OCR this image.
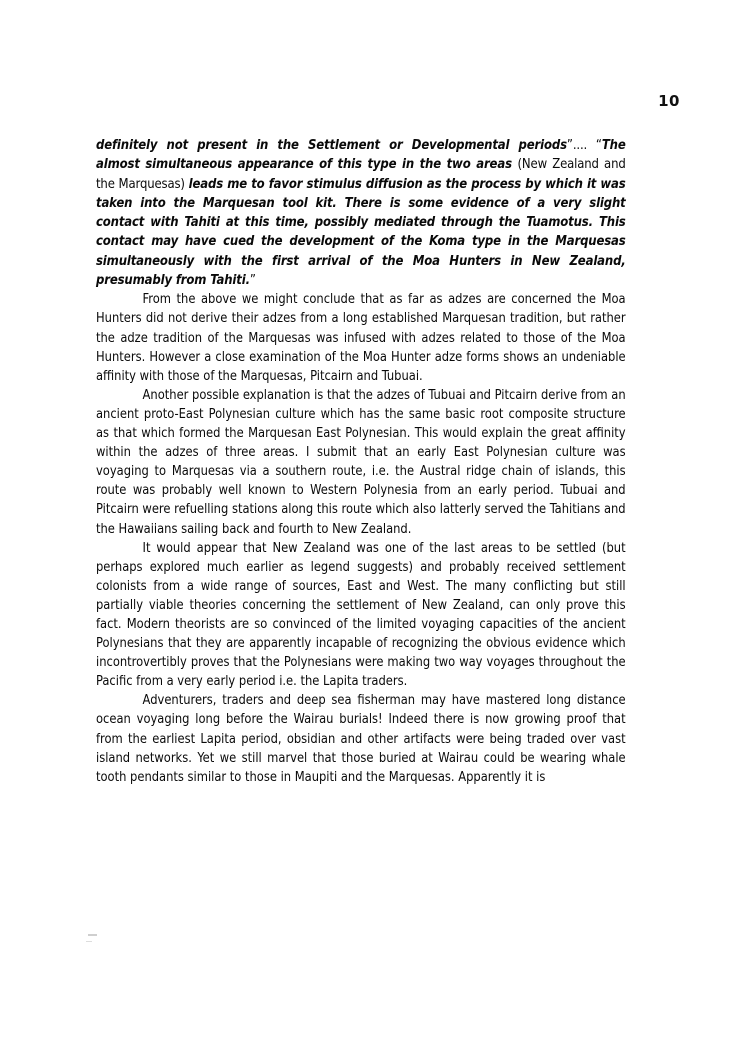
10

definitely not present in the Settlement or Developmental periods”.... “The almost simultaneous appearance of this type in the two areas (New Zealand and the Marquesas) leads me to favor stimulus diffusion as the process by which it was taken into the Marquesan tool kit. There is some evidence of a very slight contact with Tahiti at this time, possibly mediated through the Tuamotus. This contact may have cued the development of the Koma type in the Marquesas simultaneously with the first arrival of the Moa Hunters in New Zealand, presumably from Tahiti.”

From the above we might conclude that as far as adzes are concerned the Moa Hunters did not derive their adzes from a long established Marquesan tradition, but rather the adze tradition of the Marquesas was infused with adzes related to those of the Moa Hunters. However a close examination of the Moa Hunter adze forms shows an undeniable affinity with those of the Marquesas, Pitcairn and Tubuai.

Another possible explanation is that the adzes of Tubuai and Pitcairn derive from an ancient proto-East Polynesian culture which has the same basic root composite structure as that which formed the Marquesan East Polynesian. This would explain the great affinity within the adzes of three areas. I submit that an early East Polynesian culture was voyaging to Marquesas via a southern route, i.e. the Austral ridge chain of islands, this route was probably well known to Western Polynesia from an early period. Tubuai and Pitcairn were refuelling stations along this route which also latterly served the Tahitians and the Hawaiians sailing back and fourth to New Zealand.

It would appear that New Zealand was one of the last areas to be settled (but perhaps explored much earlier as legend suggests) and probably received settlement colonists from a wide range of sources, East and West. The many conflicting but still partially viable theories concerning the settlement of New Zealand, can only prove this fact. Modern theorists are so convinced of the limited voyaging capacities of the ancient Polynesians that they are apparently incapable of recognizing the obvious evidence which incontrovertibly proves that the Polynesians were making two way voyages throughout the Pacific from a very early period i.e. the Lapita traders.

Adventurers, traders and deep sea fisherman may have mastered long distance ocean voyaging long before the Wairau burials! Indeed there is now growing proof that from the earliest Lapita period, obsidian and other artifacts were being traded over vast island networks. Yet we still marvel that those buried at Wairau could be wearing whale tooth pendants similar to those in Maupiti and the Marquesas. Apparently it is
